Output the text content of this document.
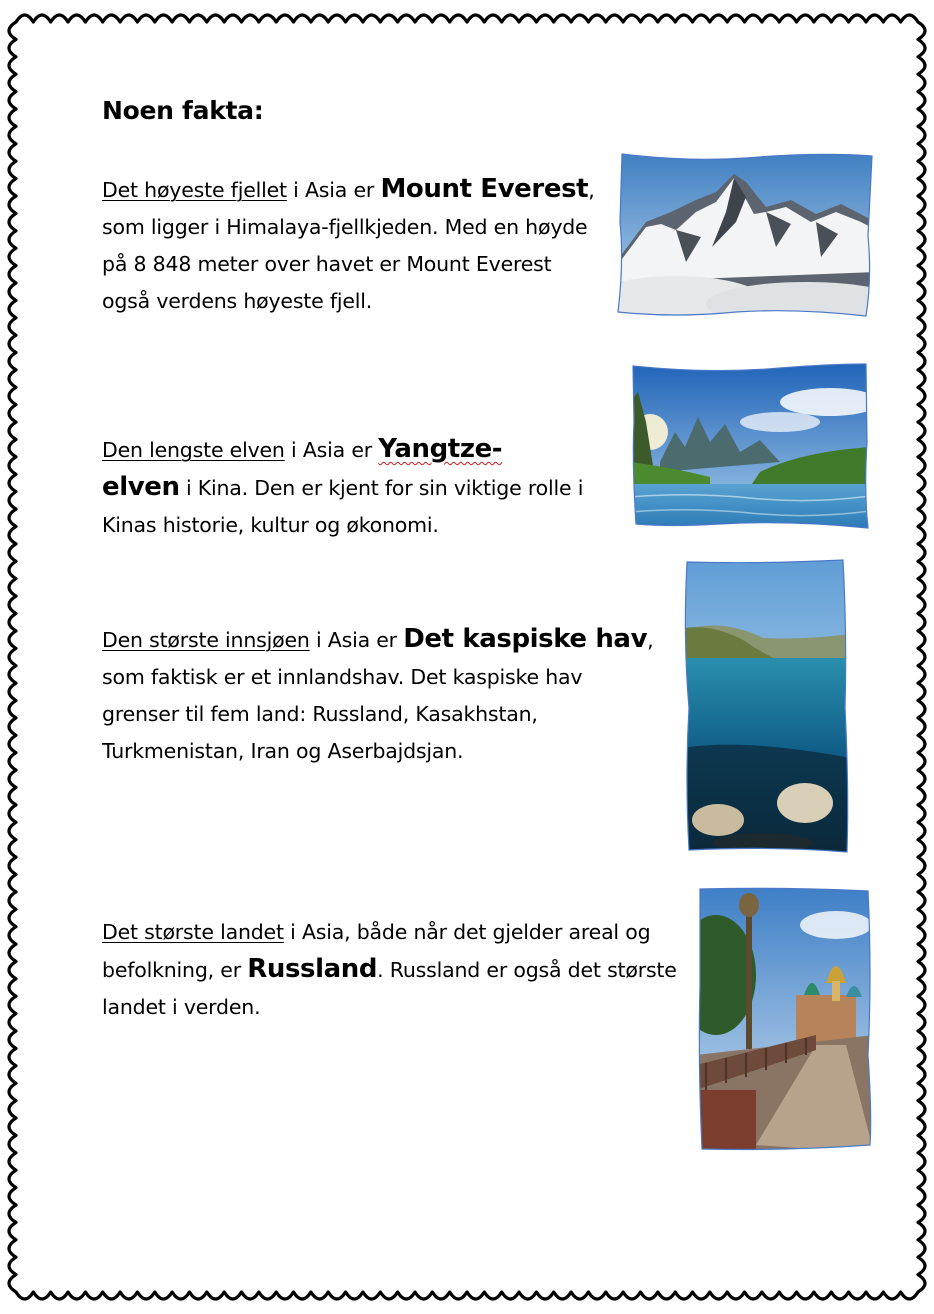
Noen fakta:

Det høyeste fjellet i Asia er Mount Everest, som ligger i Himalaya-fjellkjeden. Med en høyde på 8 848 meter over havet er Mount Everest også verdens høyeste fjell.

Den lengste elven i Asia er Yangtze-
elven i Kina. Den er kjent for sin viktige rolle i Kinas historie, kultur og økonomi.

Den største innsjøen i Asia er Det kaspiske hav, som faktisk er et innlandshav. Det kaspiske hav grenser til fem land: Russland, Kasakhstan, Turkmenistan, Iran og Aserbajdsjan.

Det største landet i Asia, både når det gjelder areal og befolkning, er Russland. Russland er også det største landet i verden.
